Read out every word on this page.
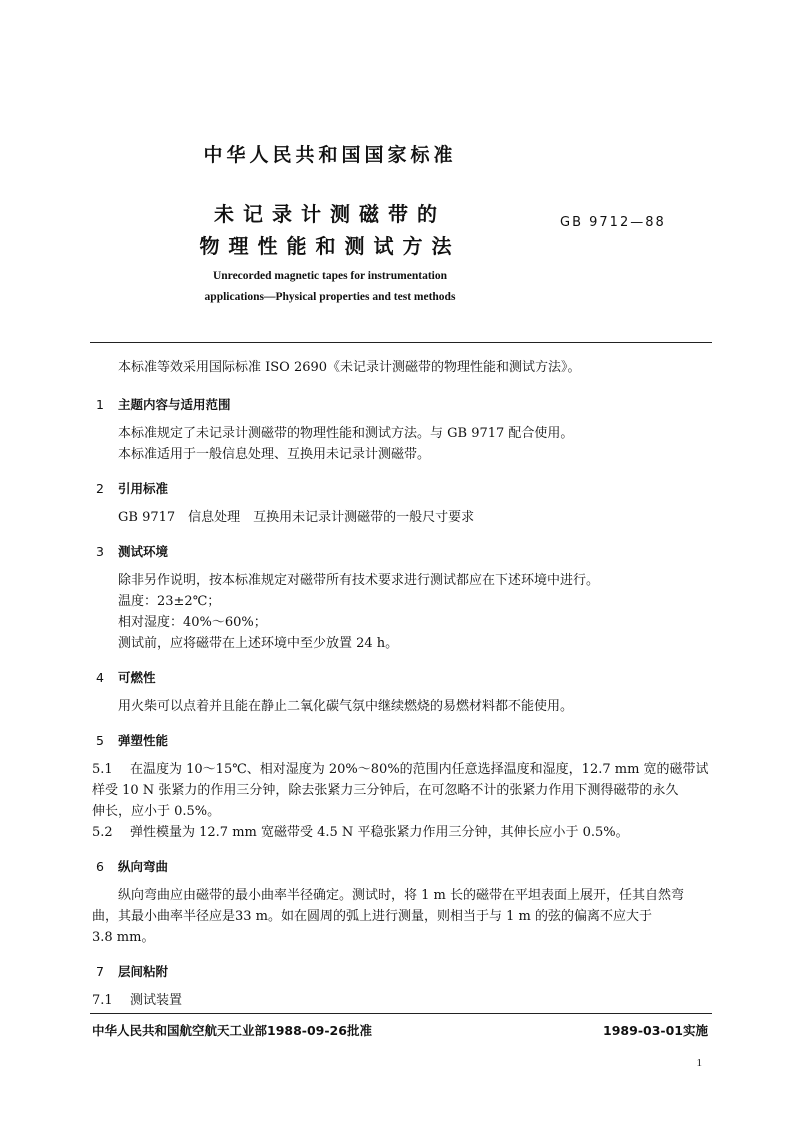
中华人民共和国国家标准
未记录计测磁带的
物理性能和测试方法
GB 9712—88
Unrecorded magnetic tapes for instrumentation
applications—Physical properties and test methods
本标准等效采用国际标准 ISO 2690《未记录计测磁带的物理性能和测试方法》。
1 主题内容与适用范围
本标准规定了未记录计测磁带的物理性能和测试方法。与 GB 9717 配合使用。
本标准适用于一般信息处理、互换用未记录计测磁带。
2 引用标准
GB 9717　信息处理　互换用未记录计测磁带的一般尺寸要求
3 测试环境
除非另作说明，按本标准规定对磁带所有技术要求进行测试都应在下述环境中进行。
温度：23±2℃；
相对湿度：40%～60%；
测试前，应将磁带在上述环境中至少放置 24 h。
4 可燃性
用火柴可以点着并且能在静止二氧化碳气氛中继续燃烧的易燃材料都不能使用。
5 弹塑性能
5.1 在温度为 10～15℃、相对湿度为 20%～80%的范围内任意选择温度和湿度，12.7 mm 宽的磁带试
样受 10 N 张紧力的作用三分钟，除去张紧力三分钟后，在可忽略不计的张紧力作用下测得磁带的永久
伸长，应小于 0.5%。
5.2 弹性模量为 12.7 mm 宽磁带受 4.5 N 平稳张紧力作用三分钟，其伸长应小于 0.5%。
6 纵向弯曲
纵向弯曲应由磁带的最小曲率半径确定。测试时，将 1 m 长的磁带在平坦表面上展开，任其自然弯
曲，其最小曲率半径应是33 m。如在圆周的弧上进行测量，则相当于与 1 m 的弦的偏离不应大于
3.8 mm。
7 层间粘附
7.1 测试装置
中华人民共和国航空航天工业部1988-09-26批准	1989-03-01实施
1
